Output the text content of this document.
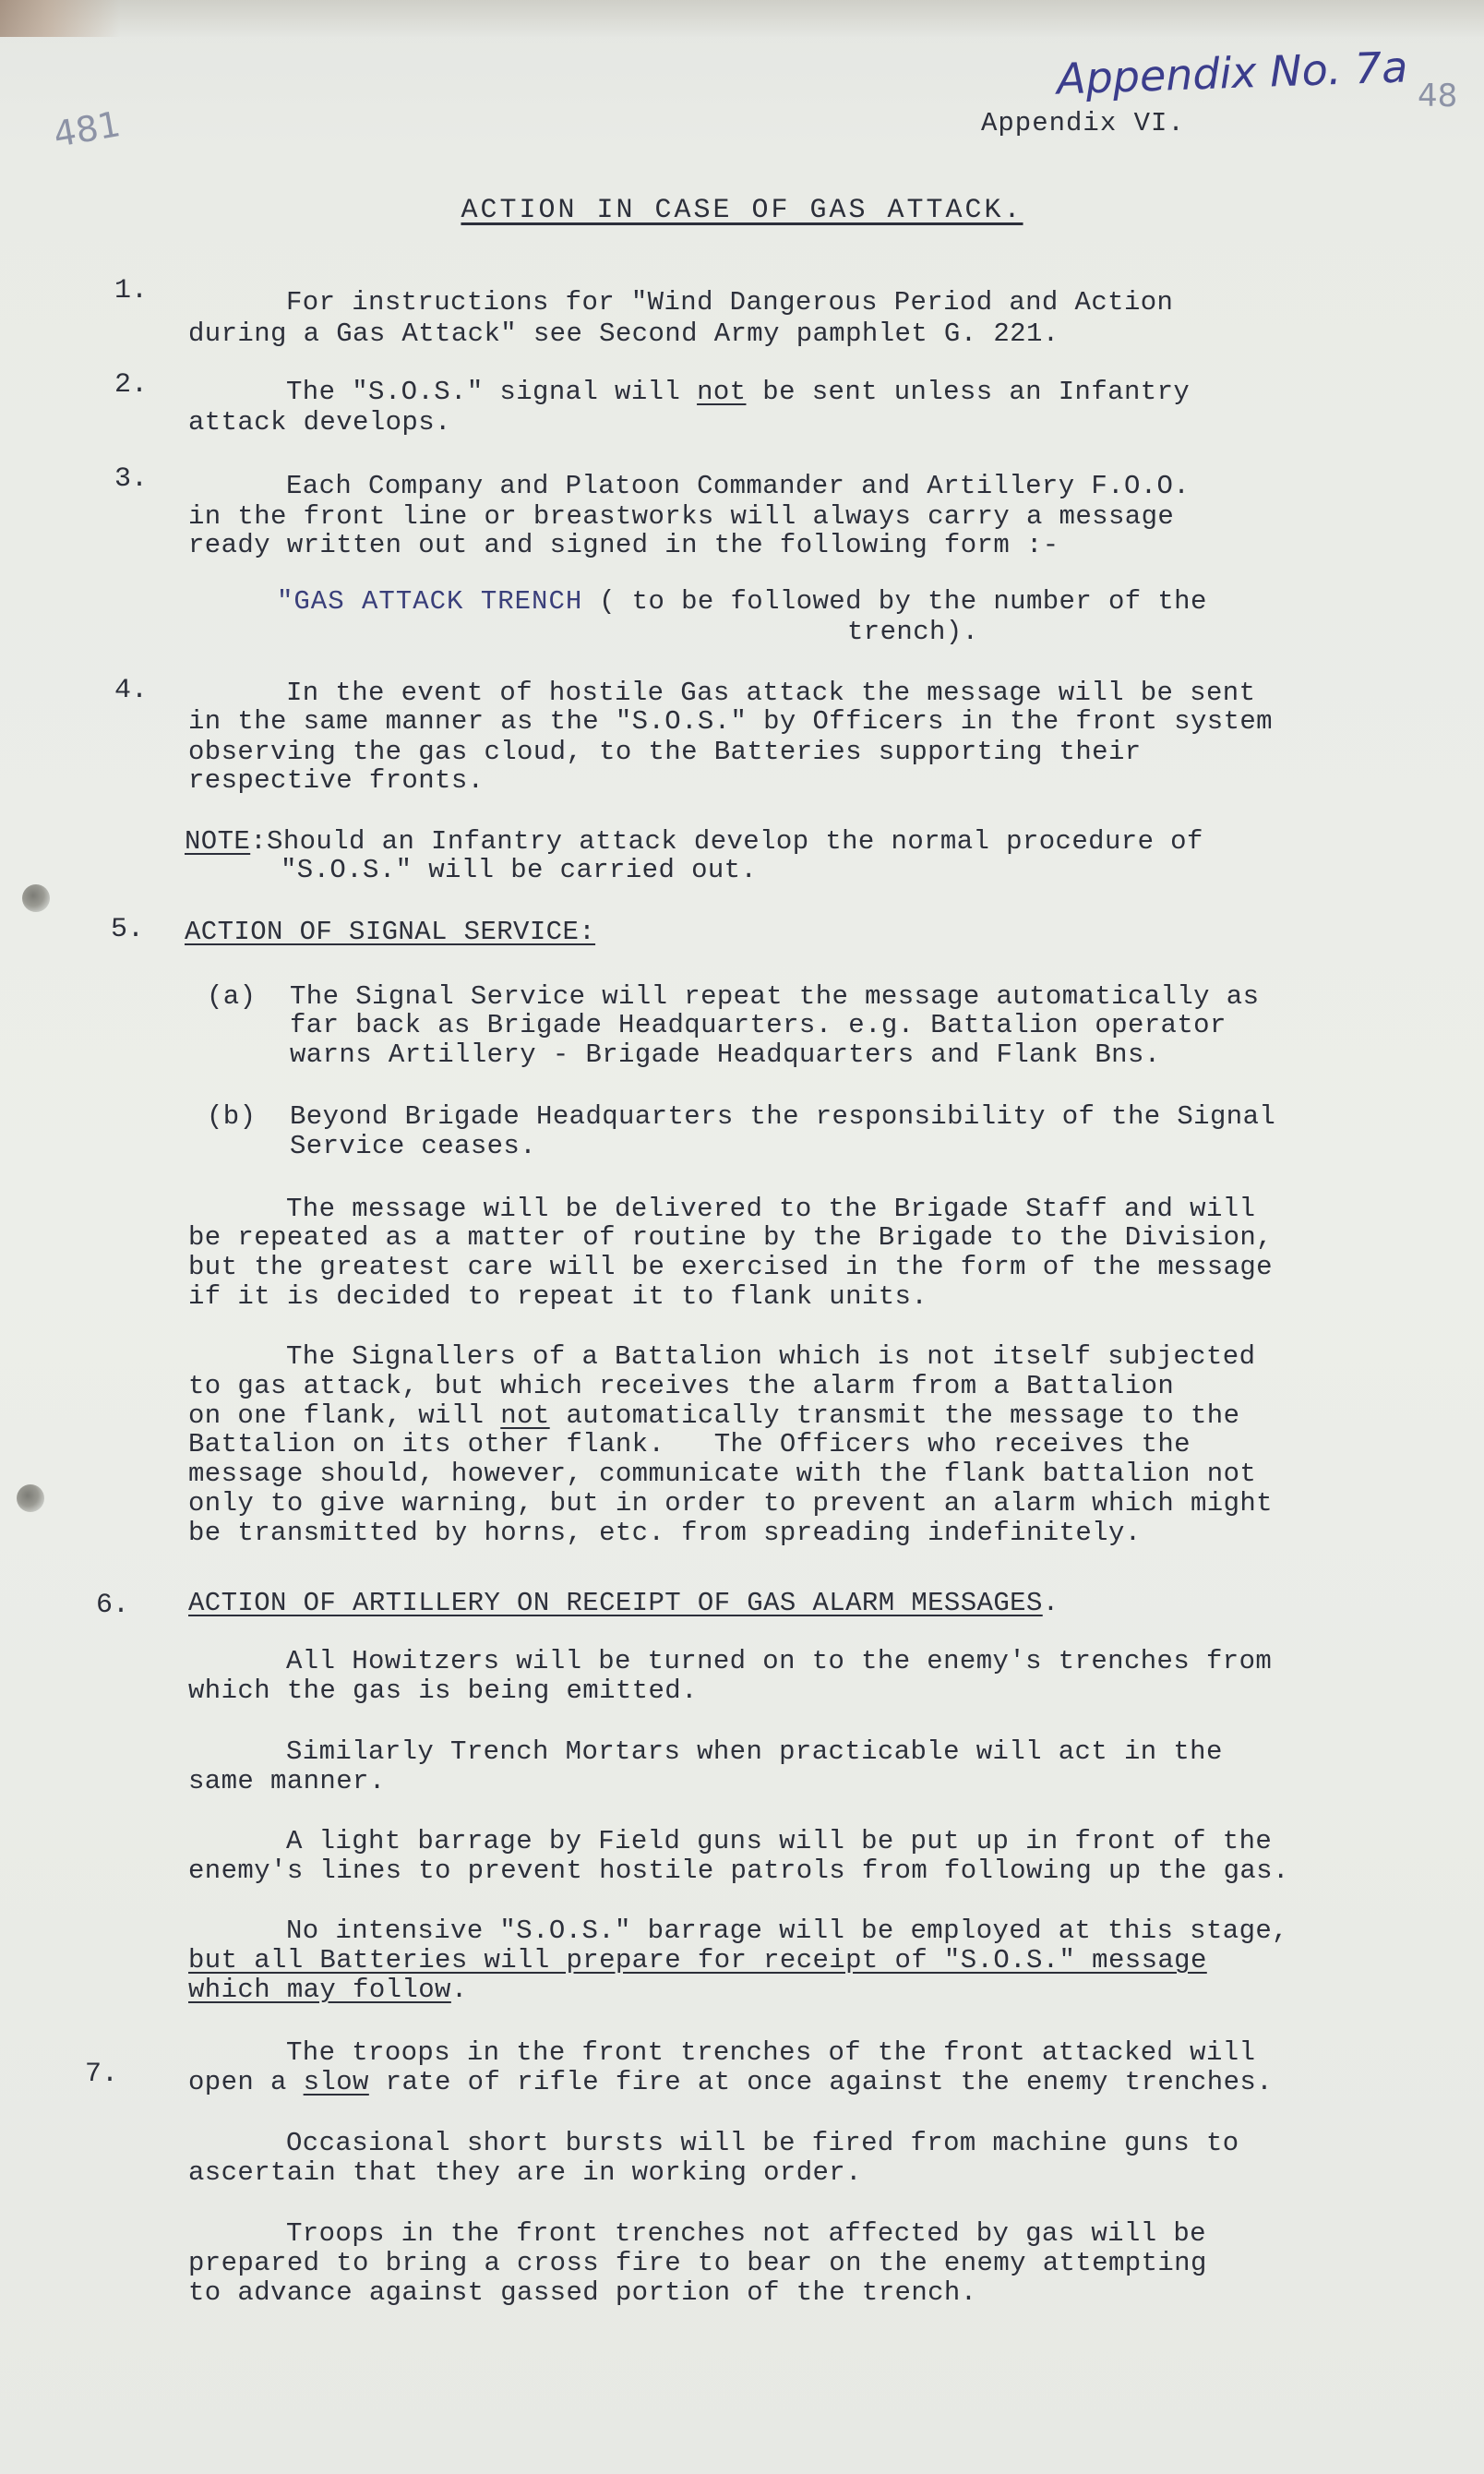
481
48
Appendix No. 7a
Appendix VI.
ACTION IN CASE OF GAS ATTACK.
1.	For instructions for "Wind Dangerous Period and Action
during a Gas Attack" see Second Army pamphlet G. 221.
2.	The "S.O.S." signal will not be sent unless an Infantry
attack develops.
3.	Each Company and Platoon Commander and Artillery F.O.O.
in the front line or breastworks will always carry a message
ready written out and signed in the following form :-
"GAS ATTACK TRENCH ( to be followed by the number of the
trench).
4.	In the event of hostile Gas attack the message will be sent
in the same manner as the "S.O.S." by Officers in the front system
observing the gas cloud, to the Batteries supporting their
respective fronts.
NOTE:Should an Infantry attack develop the normal procedure of
"S.O.S." will be carried out.
5. ACTION OF SIGNAL SERVICE:
(a) The Signal Service will repeat the message automatically as
far back as Brigade Headquarters. e.g. Battalion operator
warns Artillery - Brigade Headquarters and Flank Bns.
(b) Beyond Brigade Headquarters the responsibility of the Signal
Service ceases.
The message will be delivered to the Brigade Staff and will
be repeated as a matter of routine by the Brigade to the Division,
but the greatest care will be exercised in the form of the message
if it is decided to repeat it to flank units.
The Signallers of a Battalion which is not itself subjected
to gas attack, but which receives the alarm from a Battalion
on one flank, will not automatically transmit the message to the
Battalion on its other flank.   The Officers who receives the
message should, however, communicate with the flank battalion not
only to give warning, but in order to prevent an alarm which might
be transmitted by horns, etc. from spreading indefinitely.
6. ACTION OF ARTILLERY ON RECEIPT OF GAS ALARM MESSAGES.
All Howitzers will be turned on to the enemy's trenches from
which the gas is being emitted.
Similarly Trench Mortars when practicable will act in the
same manner.
A light barrage by Field guns will be put up in front of the
enemy's lines to prevent hostile patrols from following up the gas.
No intensive "S.O.S." barrage will be employed at this stage,
but all Batteries will prepare for receipt of "S.O.S." message
which may follow.
7.
The troops in the front trenches of the front attacked will
open a slow rate of rifle fire at once against the enemy trenches.
Occasional short bursts will be fired from machine guns to
ascertain that they are in working order.
Troops in the front trenches not affected by gas will be
prepared to bring a cross fire to bear on the enemy attempting
to advance against gassed portion of the trench.
